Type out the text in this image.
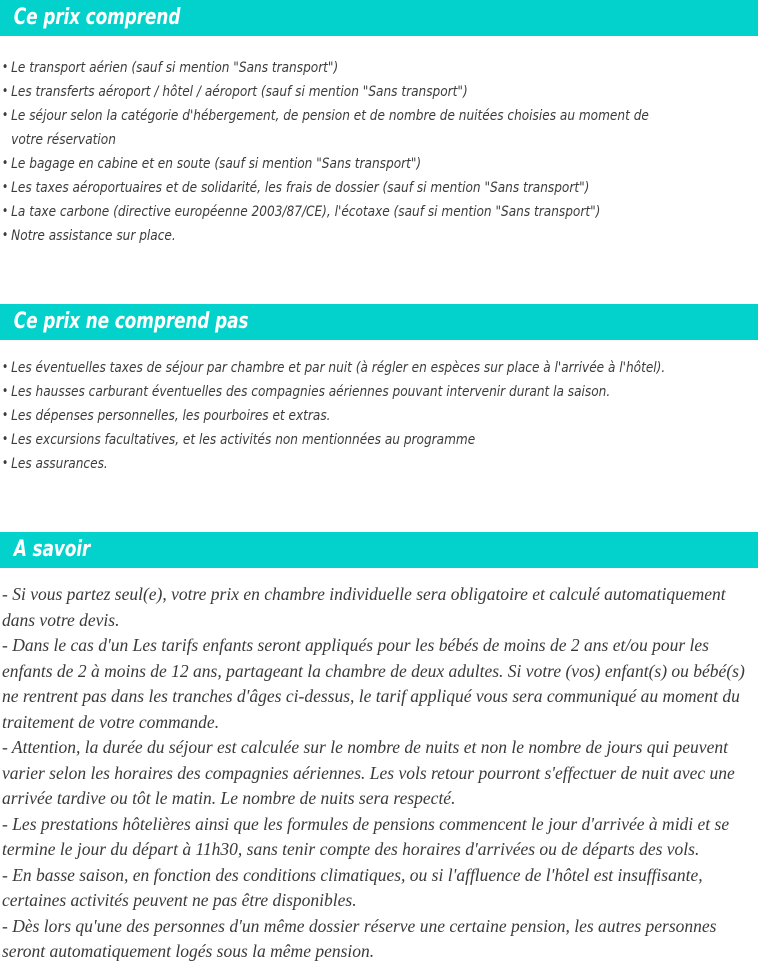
Ce prix comprend
• Le transport aérien (sauf si mention "Sans transport")
• Les transferts aéroport / hôtel / aéroport (sauf si mention "Sans transport")
• Le séjour selon la catégorie d'hébergement, de pension et de nombre de nuitées choisies au moment de votre réservation
• Le bagage en cabine et en soute (sauf si mention "Sans transport")
• Les taxes aéroportuaires et de solidarité, les frais de dossier (sauf si mention "Sans transport")
• La taxe carbone (directive européenne 2003/87/CE), l'écotaxe (sauf si mention "Sans transport")
• Notre assistance sur place.
Ce prix ne comprend pas
• Les éventuelles taxes de séjour par chambre et par nuit (à régler en espèces sur place à l'arrivée à l'hôtel).
• Les hausses carburant éventuelles des compagnies aériennes pouvant intervenir durant la saison.
• Les dépenses personnelles, les pourboires et extras.
• Les excursions facultatives, et les activités non mentionnées au programme
• Les assurances.
A savoir

- Si vous partez seul(e), votre prix en chambre individuelle sera obligatoire et calculé automatiquement dans votre devis.

- Dans le cas d'un Les tarifs enfants seront appliqués pour les bébés de moins de 2 ans et/ou pour les enfants de 2 à moins de 12 ans, partageant la chambre de deux adultes. Si votre (vos) enfant(s) ou bébé(s) ne rentrent pas dans les tranches d'âges ci-dessus, le tarif appliqué vous sera communiqué au moment du traitement de votre commande.

- Attention, la durée du séjour est calculée sur le nombre de nuits et non le nombre de jours qui peuvent varier selon les horaires des compagnies aériennes. Les vols retour pourront s'effectuer de nuit avec une arrivée tardive ou tôt le matin. Le nombre de nuits sera respecté.

- Les prestations hôtelières ainsi que les formules de pensions commencent le jour d'arrivée à midi et se termine le jour du départ à 11h30, sans tenir compte des horaires d'arrivées ou de départs des vols.

- En basse saison, en fonction des conditions climatiques, ou si l'affluence de l'hôtel est insuffisante, certaines activités peuvent ne pas être disponibles.

- Dès lors qu'une des personnes d'un même dossier réserve une certaine pension, les autres personnes seront automatiquement logés sous la même pension.
